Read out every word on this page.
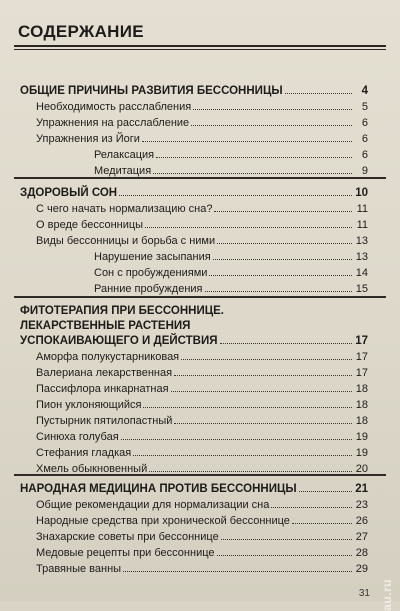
СОДЕРЖАНИЕ
ОБЩИЕ ПРИЧИНЫ РАЗВИТИЯ БЕССОННИЦЫ	4
Необходимость расслабления	5
Упражнения на расслабление	6
Упражнения из Йоги	6
Релаксация	6
Медитация	9
ЗДОРОВЫЙ СОН	10
С чего начать нормализацию сна?	11
О вреде бессонницы	11
Виды бессонницы и борьба с ними	13
Нарушение засыпания	13
Сон с пробуждениями	14
Ранние пробуждения	15
ФИТОТЕРАПИЯ ПРИ БЕССОННИЦЕ.
ЛЕКАРСТВЕННЫЕ РАСТЕНИЯ
УСПОКАИВАЮЩЕГО И ДЕЙСТВИЯ	17
Аморфа полукустарниковая	17
Валериана лекарственная	17
Пассифлора инкарнатная	18
Пион уклоняющийся	18
Пустырник пятилопастный	18
Синюха голубая	19
Стефания гладкая	19
Хмель обыкновенный	20
НАРОДНАЯ МЕДИЦИНА ПРОТИВ БЕССОННИЦЫ	21
Общие рекомендации для нормализации сна	23
Народные средства при хронической бессоннице	26
Знахарские советы при бессоннице	27
Медовые рецепты при бессоннице	28
Травяные ванны	29
au.ru
31
